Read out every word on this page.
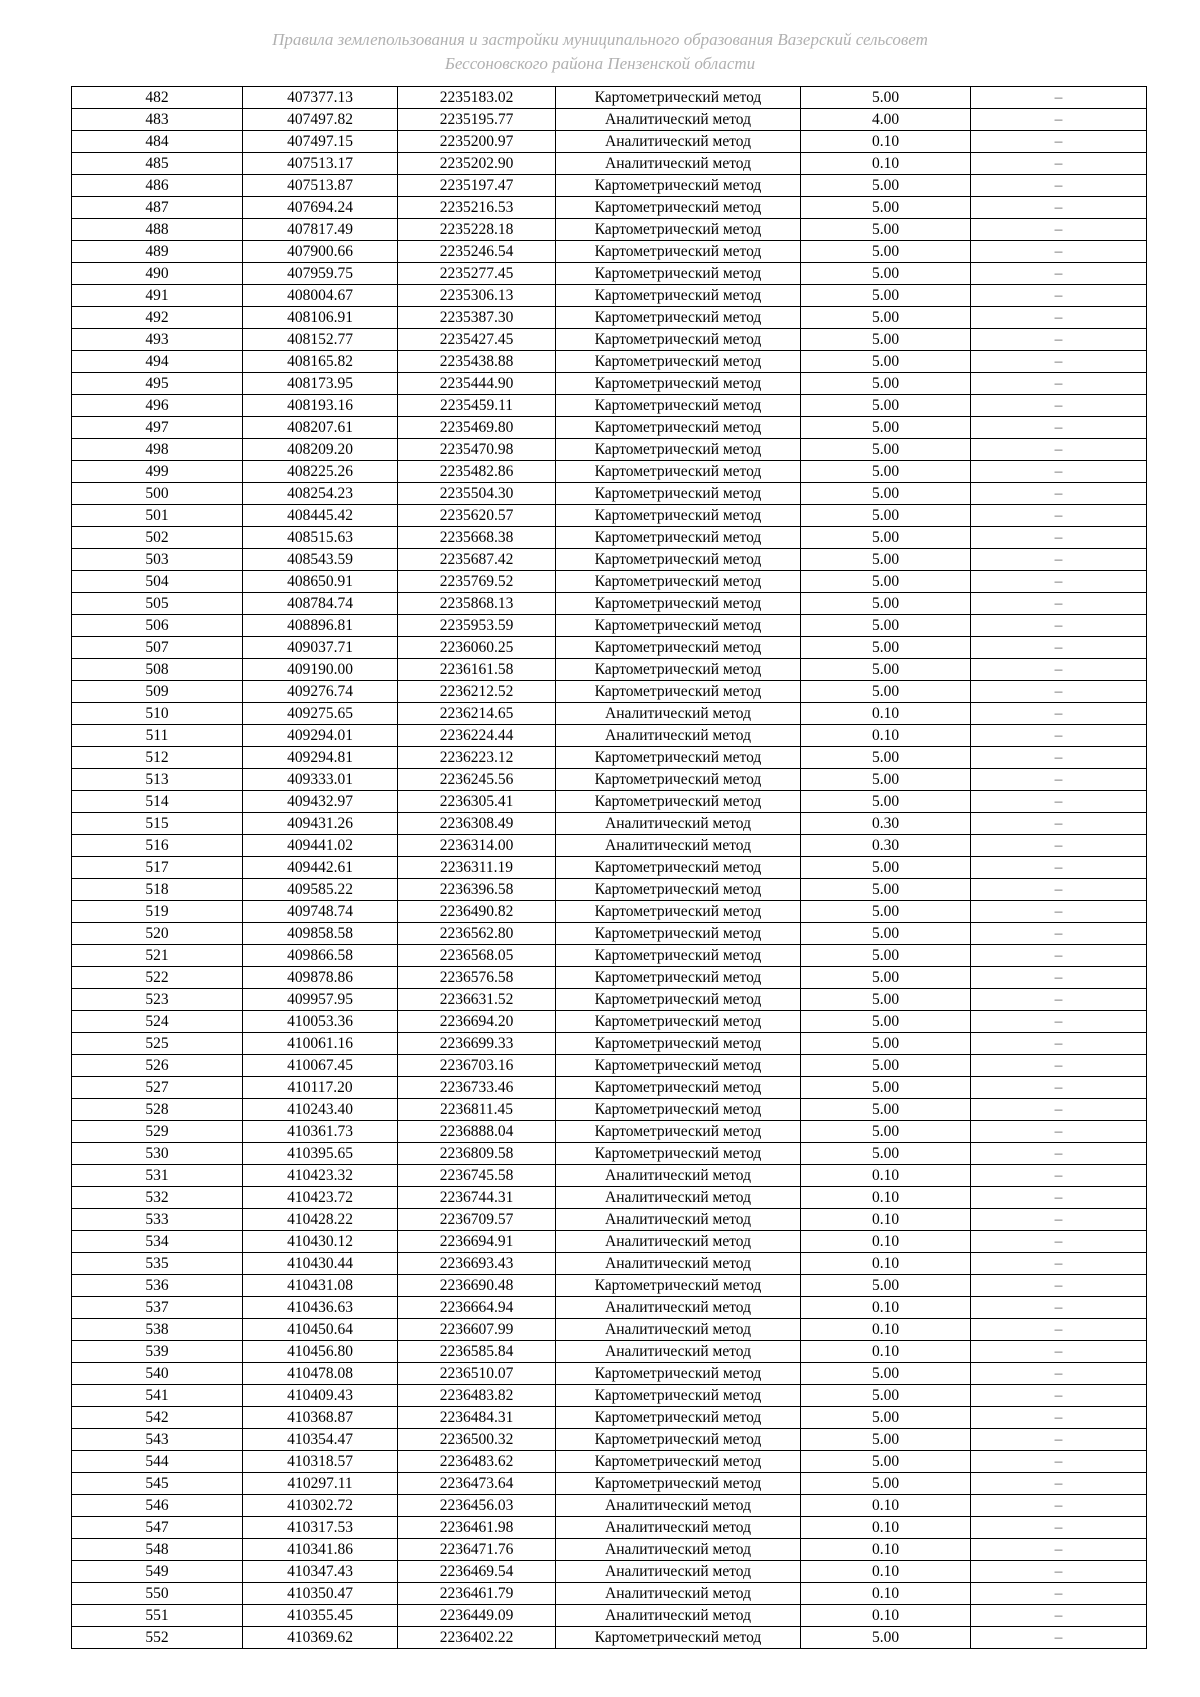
Правила землепользования и застройки муниципального образования Вазерский сельсовет
Бессоновского района Пензенской области
482	407377.13	2235183.02	Картометрический метод	5.00	–
483	407497.82	2235195.77	Аналитический метод	4.00	–
484	407497.15	2235200.97	Аналитический метод	0.10	–
485	407513.17	2235202.90	Аналитический метод	0.10	–
486	407513.87	2235197.47	Картометрический метод	5.00	–
487	407694.24	2235216.53	Картометрический метод	5.00	–
488	407817.49	2235228.18	Картометрический метод	5.00	–
489	407900.66	2235246.54	Картометрический метод	5.00	–
490	407959.75	2235277.45	Картометрический метод	5.00	–
491	408004.67	2235306.13	Картометрический метод	5.00	–
492	408106.91	2235387.30	Картометрический метод	5.00	–
493	408152.77	2235427.45	Картометрический метод	5.00	–
494	408165.82	2235438.88	Картометрический метод	5.00	–
495	408173.95	2235444.90	Картометрический метод	5.00	–
496	408193.16	2235459.11	Картометрический метод	5.00	–
497	408207.61	2235469.80	Картометрический метод	5.00	–
498	408209.20	2235470.98	Картометрический метод	5.00	–
499	408225.26	2235482.86	Картометрический метод	5.00	–
500	408254.23	2235504.30	Картометрический метод	5.00	–
501	408445.42	2235620.57	Картометрический метод	5.00	–
502	408515.63	2235668.38	Картометрический метод	5.00	–
503	408543.59	2235687.42	Картометрический метод	5.00	–
504	408650.91	2235769.52	Картометрический метод	5.00	–
505	408784.74	2235868.13	Картометрический метод	5.00	–
506	408896.81	2235953.59	Картометрический метод	5.00	–
507	409037.71	2236060.25	Картометрический метод	5.00	–
508	409190.00	2236161.58	Картометрический метод	5.00	–
509	409276.74	2236212.52	Картометрический метод	5.00	–
510	409275.65	2236214.65	Аналитический метод	0.10	–
511	409294.01	2236224.44	Аналитический метод	0.10	–
512	409294.81	2236223.12	Картометрический метод	5.00	–
513	409333.01	2236245.56	Картометрический метод	5.00	–
514	409432.97	2236305.41	Картометрический метод	5.00	–
515	409431.26	2236308.49	Аналитический метод	0.30	–
516	409441.02	2236314.00	Аналитический метод	0.30	–
517	409442.61	2236311.19	Картометрический метод	5.00	–
518	409585.22	2236396.58	Картометрический метод	5.00	–
519	409748.74	2236490.82	Картометрический метод	5.00	–
520	409858.58	2236562.80	Картометрический метод	5.00	–
521	409866.58	2236568.05	Картометрический метод	5.00	–
522	409878.86	2236576.58	Картометрический метод	5.00	–
523	409957.95	2236631.52	Картометрический метод	5.00	–
524	410053.36	2236694.20	Картометрический метод	5.00	–
525	410061.16	2236699.33	Картометрический метод	5.00	–
526	410067.45	2236703.16	Картометрический метод	5.00	–
527	410117.20	2236733.46	Картометрический метод	5.00	–
528	410243.40	2236811.45	Картометрический метод	5.00	–
529	410361.73	2236888.04	Картометрический метод	5.00	–
530	410395.65	2236809.58	Картометрический метод	5.00	–
531	410423.32	2236745.58	Аналитический метод	0.10	–
532	410423.72	2236744.31	Аналитический метод	0.10	–
533	410428.22	2236709.57	Аналитический метод	0.10	–
534	410430.12	2236694.91	Аналитический метод	0.10	–
535	410430.44	2236693.43	Аналитический метод	0.10	–
536	410431.08	2236690.48	Картометрический метод	5.00	–
537	410436.63	2236664.94	Аналитический метод	0.10	–
538	410450.64	2236607.99	Аналитический метод	0.10	–
539	410456.80	2236585.84	Аналитический метод	0.10	–
540	410478.08	2236510.07	Картометрический метод	5.00	–
541	410409.43	2236483.82	Картометрический метод	5.00	–
542	410368.87	2236484.31	Картометрический метод	5.00	–
543	410354.47	2236500.32	Картометрический метод	5.00	–
544	410318.57	2236483.62	Картометрический метод	5.00	–
545	410297.11	2236473.64	Картометрический метод	5.00	–
546	410302.72	2236456.03	Аналитический метод	0.10	–
547	410317.53	2236461.98	Аналитический метод	0.10	–
548	410341.86	2236471.76	Аналитический метод	0.10	–
549	410347.43	2236469.54	Аналитический метод	0.10	–
550	410350.47	2236461.79	Аналитический метод	0.10	–
551	410355.45	2236449.09	Аналитический метод	0.10	–
552	410369.62	2236402.22	Картометрический метод	5.00	–
